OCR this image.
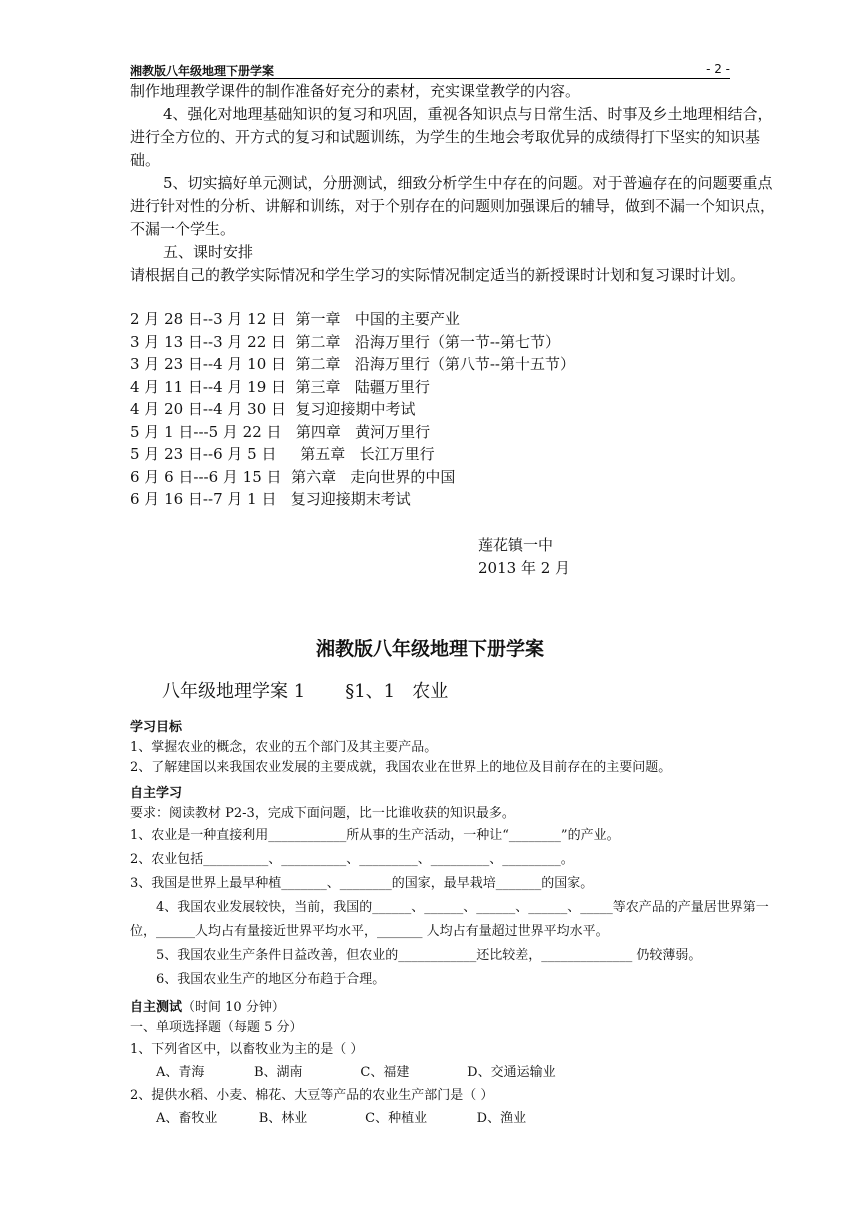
湘教版八年级地理下册学案	- 2 -

制作地理教学课件的制作准备好充分的素材，充实课堂教学的内容。

4、强化对地理基础知识的复习和巩固，重视各知识点与日常生活、时事及乡土地理相结合，进行全方位的、开方式的复习和试题训练，为学生的生地会考取优异的成绩得打下坚实的知识基础。

5、切实搞好单元测试，分册测试，细致分析学生中存在的问题。对于普遍存在的问题要重点进行针对性的分析、讲解和训练，对于个别存在的问题则加强课后的辅导，做到不漏一个知识点，不漏一个学生。

五、课时安排

请根据自己的教学实际情况和学生学习的实际情况制定适当的新授课时计划和复习课时计划。

2 月 28 日--3 月 12 日  第一章   中国的主要产业
3 月 13 日--3 月 22 日  第二章   沿海万里行（第一节--第七节）
3 月 23 日--4 月 10 日  第二章   沿海万里行（第八节--第十五节）
4 月 11 日--4 月 19 日  第三章   陆疆万里行
4 月 20 日--4 月 30 日  复习迎接期中考试
5 月 1 日---5 月 22 日   第四章   黄河万里行
5 月 23 日--6 月 5 日     第五章   长江万里行
6 月 6 日---6 月 15 日  第六章   走向世界的中国
6 月 16 日--7 月 1 日   复习迎接期末考试
莲花镇一中
2013 年 2 月
湘教版八年级地理下册学案
八年级地理学案 1       §1、1   农业

学习目标

1、掌握农业的概念，农业的五个部门及其主要产品。

2、了解建国以来我国农业发展的主要成就，我国农业在世界上的地位及目前存在的主要问题。

自主学习

要求：阅读教材 P2-3，完成下面问题，比一比谁收获的知识最多。

1、农业是一种直接利用____________所从事的生产活动，一种让“________”的产业。

2、农业包括__________、__________、_________、_________、_________。

3、我国是世界上最早种植_______、________的国家，最早栽培_______的国家。

4、我国农业发展较快，当前，我国的______、______、______、______、_____等农产品的产量居世界第一位，______人均占有量接近世界平均水平，_______ 人均占有量超过世界平均水平。

5、我国农业生产条件日益改善，但农业的____________还比较差，______________ 仍较薄弱。

6、我国农业生产的地区分布趋于合理。

自主测试（时间 10 分钟）

一、单项选择题（每题 5 分）

1、下列省区中，以畜牧业为主的是（ ）

A、青海            B、湖南              C、福建              D、交通运输业

2、提供水稻、小麦、棉花、大豆等产品的农业生产部门是（ ）

A、畜牧业          B、林业              C、种植业            D、渔业
